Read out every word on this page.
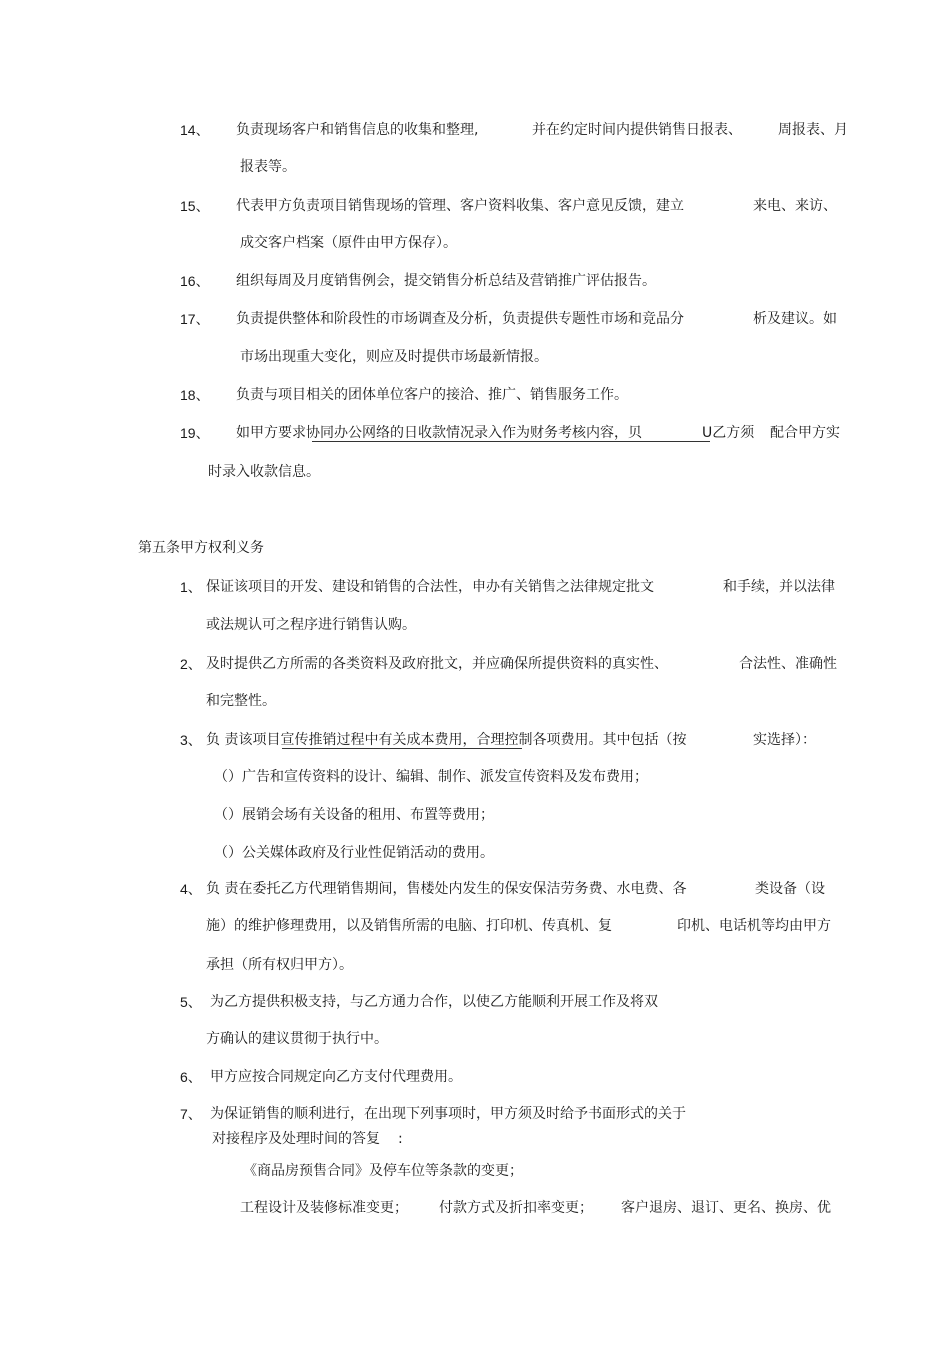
14、 负责现场客户和销售信息的收集和整理,	并在约定时间内提供销售日报表、	周报表、月
报表等。
15、 代表甲方负责项目销售现场的管理、客户资料收集、客户意见反馈，建立	来电、来访、
成交客户档案（原件由甲方保存）。
16、 组织每周及月度销售例会，提交销售分析总结及营销推广评估报告。
17、 负责提供整体和阶段性的市场调查及分析，负责提供专题性市场和竞品分	析及建议。如
市场出现重大变化，则应及时提供市场最新情报。
18、 负责与项目相关的团体单位客户的接洽、推广、销售服务工作。
19、 如甲方要求协同办公网络的日收款情况录入作为财务考核内容，贝	U乙方须 配合甲方实
时录入收款信息。
第五条甲方权利义务
1、 保证该项目的开发、建设和销售的合法性，申办有关销售之法律规定批文	和手续，并以法律
或法规认可之程序进行销售认购。
2、 及时提供乙方所需的各类资料及政府批文，并应确保所提供资料的真实性、	合法性、准确性
和完整性。
3、 负 责该项目宣传推销过程中有关成本费用，合理控制各项费用。其中包括（按	实选择）：
（）广告和宣传资料的设计、编辑、制作、派发宣传资料及发布费用；
（）展销会场有关设备的租用、布置等费用；
（）公关媒体政府及行业性促销活动的费用。
4、 负 责在委托乙方代理销售期间，售楼处内发生的保安保洁劳务费、水电费、各	类设备（设
施）的维护修理费用，以及销售所需的电脑、打印机、传真机、复	印机、电话机等均由甲方
承担（所有权归甲方）。
5、 为乙方提供积极支持，与乙方通力合作，以使乙方能顺利开展工作及将双
方确认的建议贯彻于执行中。
6、 甲方应按合同规定向乙方支付代理费用。
7、 为保证销售的顺利进行，在出现下列事项时，甲方须及时给予书面形式的关于
对接程序及处理时间的答复 :
《商品房预售合同》及停车位等条款的变更；
工程设计及装修标准变更； 付款方式及折扣率变更； 客户退房、退订、更名、换房、优
